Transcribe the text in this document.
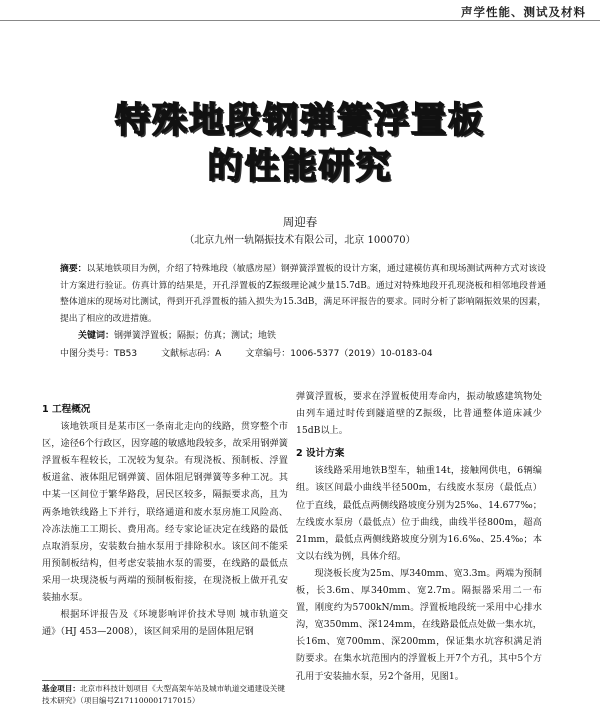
声学性能、测试及材料
特殊地段钢弹簧浮置板
的性能研究
周迎春
（北京九州一轨隔振技术有限公司，北京 100070）
摘要：以某地铁项目为例，介绍了特殊地段（敏感房屋）钢弹簧浮置板的设计方案，通过建模仿真和现场测试两种方式对该设计方案进行验证。仿真计算的结果是，开孔浮置板的Z振级理论减少量15.7dB。通过对特殊地段开孔现浇板和相邻地段普通整体道床的现场对比测试，得到开孔浮置板的插入损失为15.3dB，满足环评报告的要求。同时分析了影响隔振效果的因素，提出了相应的改进措施。
关键词：钢弹簧浮置板；隔振；仿真；测试；地铁
中图分类号：TB53	文献标志码：A	文章编号：1006-5377（2019）10-0183-04

1 工程概况

该地铁项目是某市区一条南北走向的线路，贯穿整个市区，途径6个行政区，因穿越的敏感地段较多，故采用钢弹簧浮置板车程较长，工况较为复杂。有现浇板、预制板、浮置板道盆、液体阻尼钢弹簧、固体阻尼钢弹簧等多种工况。其中某一区间位于繁华路段，居民区较多，隔振要求高，且为两条地铁线路上下并行，联络通道和废水泵房施工风险高、冷冻法施工工期长、费用高。经专家论证决定在线路的最低点取消泵房，安装数台抽水泵用于排除积水。该区间不能采用预制板结构，但考虑安装抽水泵的需要，在线路的最低点采用一块现浇板与两端的预制板衔接，在现浇板上做开孔安装抽水泵。

根据环评报告及《环境影响评价技术导则 城市轨道交通》（HJ 453—2008），该区间采用的是固体阻尼钢

弹簧浮置板，要求在浮置板使用寿命内，振动敏感建筑物处由列车通过时传到隧道壁的Z振级，比普通整体道床减少15dB以上。

2 设计方案

该线路采用地铁B型车，轴重14t，接触网供电，6辆编组。该区间最小曲线半径500m，右线废水泵房（最低点）位于直线，最低点两侧线路坡度分别为25‰、14.677‰；左线废水泵房（最低点）位于曲线，曲线半径800m，超高21mm，最低点两侧线路坡度分别为16.6‰、25.4‰；本文以右线为例，具体介绍。

现浇板长度为25m、厚340mm、宽3.3m。两端为预制板，长3.6m、厚340mm、宽2.7m。隔振器采用二一布置，刚度约为5700kN/mm。浮置板地段统一采用中心排水沟，宽350mm、深124mm，在线路最低点处做一集水坑，长16m、宽700mm、深200mm，保证集水坑容积满足消防要求。在集水坑范围内的浮置板上开7个方孔，其中5个方孔用于安装抽水泵，另2个备用，见图1。

基金项目：北京市科技计划项目《大型高架车站及城市轨道交通建设关键技术研究》（项目编号Z171100001717015）
